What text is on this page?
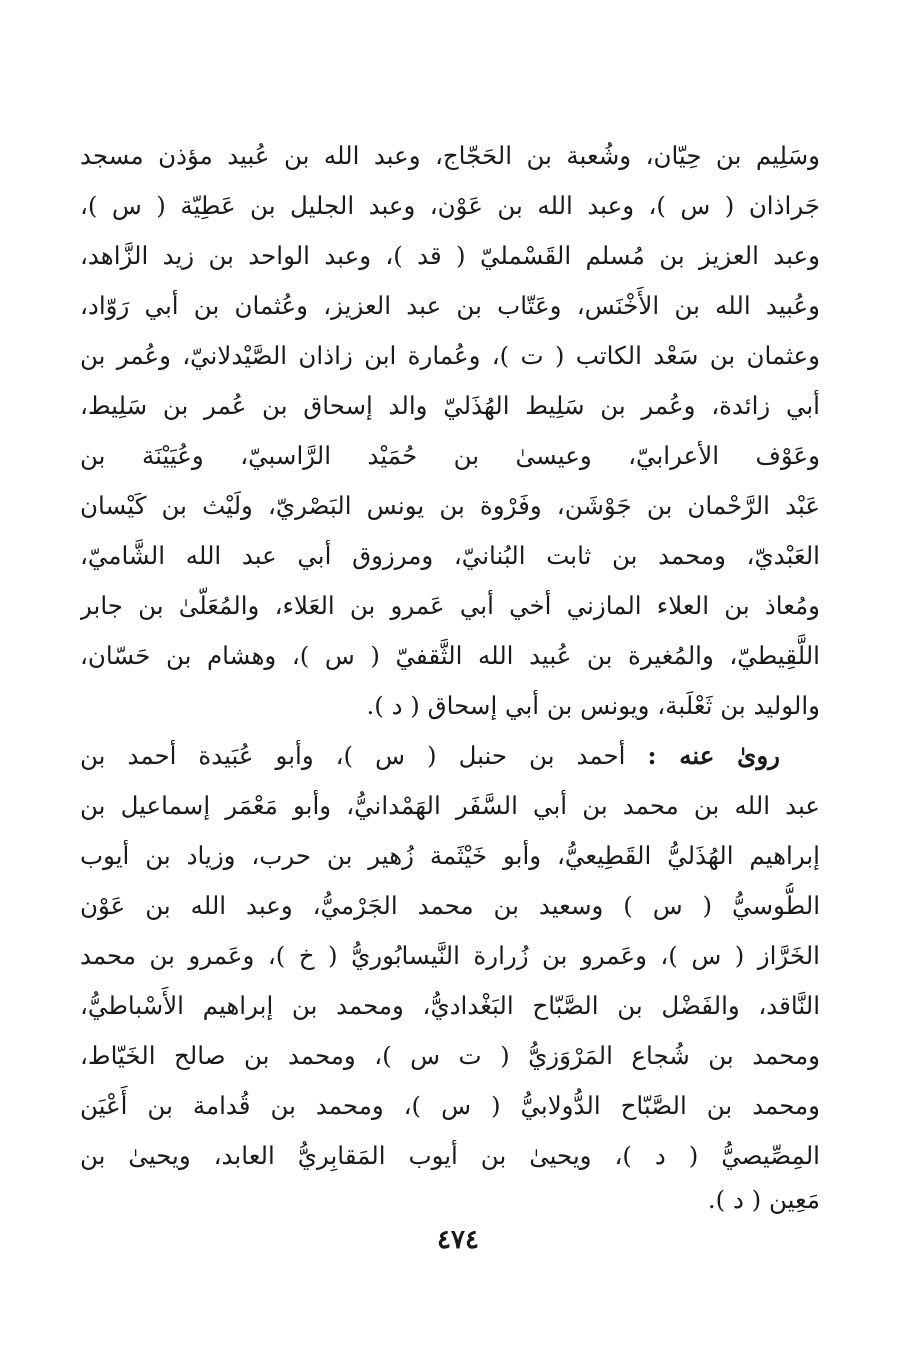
وسَلِيم بن حِيّان، وشُعبة بن الحَجّاج، وعبد الله بن عُبيد مؤذن مسجد
جَراذان ( س )، وعبد الله بن عَوْن، وعبد الجليل بن عَطِيّة ( س )،
وعبد العزيز بن مُسلم القَسْمليّ ( قد )، وعبد الواحد بن زيد الزَّاهد،
وعُبيد الله بن الأَخْنَس، وعَتّاب بن عبد العزيز، وعُثمان بن أبي رَوّاد،
وعثمان بن سَعْد الكاتب ( ت )، وعُمارة ابن زاذان الصَّيْدلانيّ، وعُمر بن
أبي زائدة، وعُمر بن سَلِيط الهُذَليّ والد إسحاق بن عُمر بن سَلِيط،
وعَوْف الأعرابيّ، وعيسىٰ بن حُمَيْد الرَّاسبيّ، وعُيَيْنَة بن
عَبْد الرَّحْمان بن جَوْشَن، وفَرْوة بن يونس البَصْريّ، ولَيْث بن كَيْسان
العَبْديّ، ومحمد بن ثابت البُنانيّ، ومرزوق أبي عبد الله الشَّاميّ،
ومُعاذ بن العلاء المازني أخي أبي عَمرو بن العَلاء، والمُعَلّىٰ بن جابر
اللَّقِيطيّ، والمُغيرة بن عُبيد الله الثَّقفيّ ( س )، وهشام بن حَسّان،
والوليد بن ثَعْلَبة، ويونس بن أبي إسحاق ( د ).
روىٰ عنه : أحمد بن حنبل ( س )، وأبو عُبَيدة أحمد بن
عبد الله بن محمد بن أبي السَّفَر الهَمْدانيُّ، وأبو مَعْمَر إسماعيل بن
إبراهيم الهُذَليُّ القَطِيعيُّ، وأبو خَيْثَمة زُهير بن حرب، وزياد بن أيوب
الطُّوسيُّ ( س ) وسعيد بن محمد الجَرْميُّ، وعبد الله بن عَوْن
الخَرَّاز ( س )، وعَمرو بن زُرارة النَّيسابُوريُّ ( خ )، وعَمرو بن محمد
النَّاقد، والفَضْل بن الصَّبّاح البَغْداديُّ، ومحمد بن إبراهيم الأَسْباطيُّ،
ومحمد بن شُجاع المَرْوَزيُّ ( ت س )، ومحمد بن صالح الخَيّاط،
ومحمد بن الصَّبّاح الدُّولابيُّ ( س )، ومحمد بن قُدامة بن أَعْيَن
المِصِّيصيُّ ( د )، ويحيىٰ بن أيوب المَقابِريُّ العابد، ويحيىٰ بن
مَعِين ( د ).
٤٧٤
